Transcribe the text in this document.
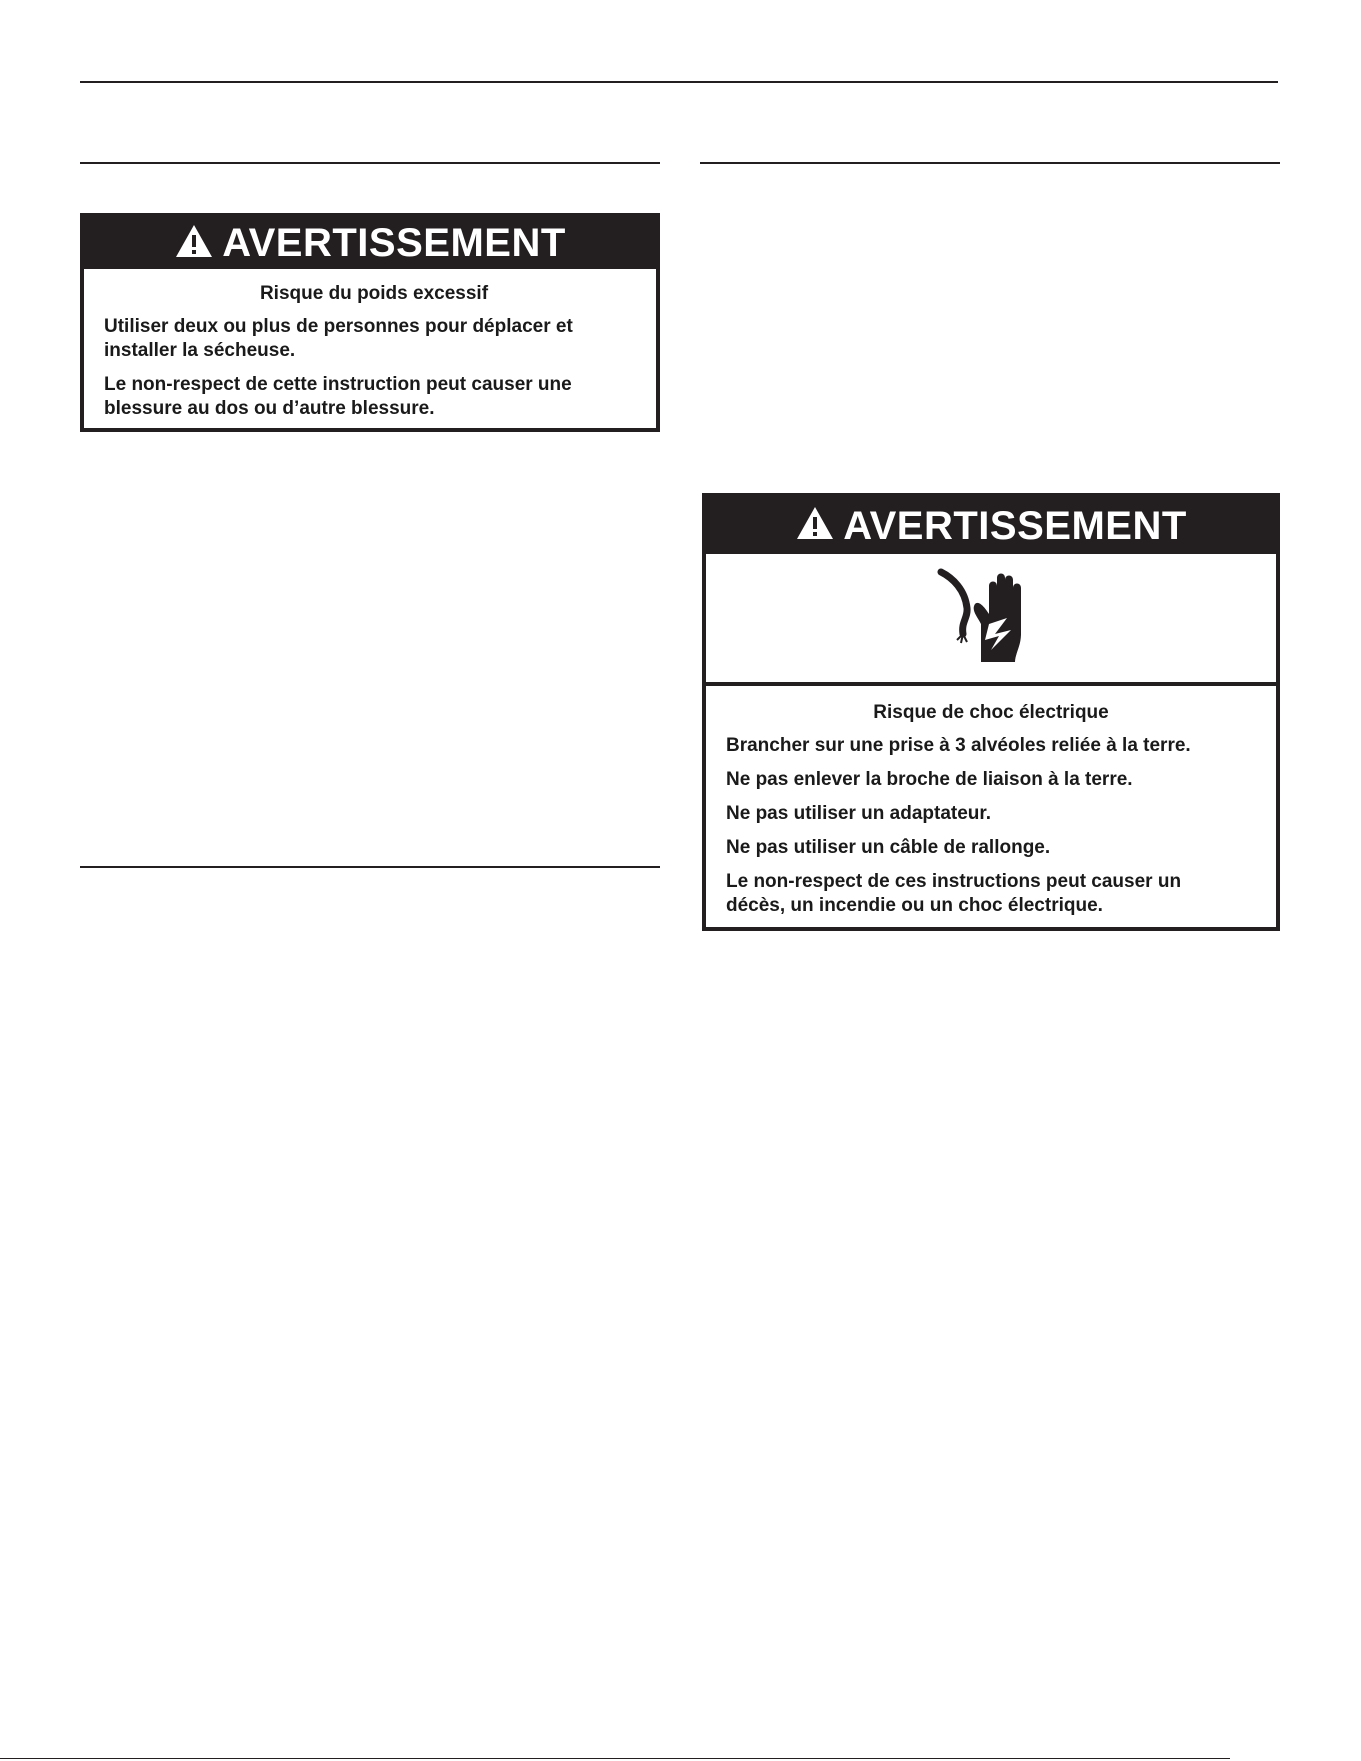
AVERTISSEMENT
Risque du poids excessif
Utiliser deux ou plus de personnes pour déplacer et installer la sécheuse.
Le non-respect de cette instruction peut causer une blessure au dos ou d’autre blessure.
AVERTISSEMENT
Risque de choc électrique
Brancher sur une prise à 3 alvéoles reliée à la terre.
Ne pas enlever la broche de liaison à la terre.
Ne pas utiliser un adaptateur.
Ne pas utiliser un câble de rallonge.
Le non-respect de ces instructions peut causer un décès, un incendie ou un choc électrique.
